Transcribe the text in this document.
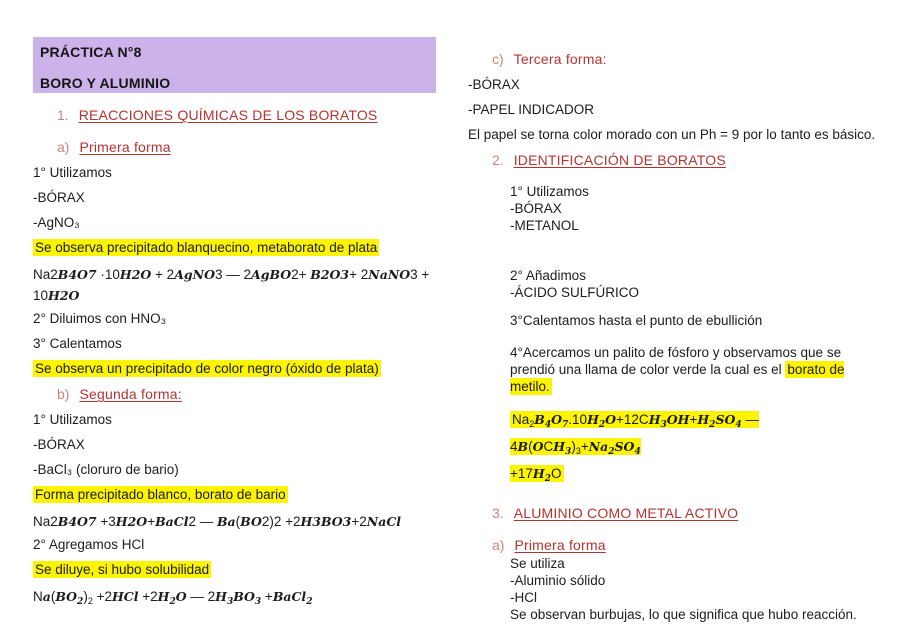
PRÁCTICA N°8
BORO Y ALUMINIO
1. REACCIONES QUÍMICAS DE LOS BORATOS
a) Primera forma
1° Utilizamos
-BÓRAX
-AgNO₃
Se observa precipitado blanquecino, metaborato de plata
Na2B4O7 ·10H2O + 2AgNO3 — 2AgBO2+ B2O3+ 2NaNO3 +
10H2O
2° Diluimos con HNO₃
3° Calentamos
Se observa un precipitado de color negro (óxido de plata)
b) Segunda forma:
1° Utilizamos
-BÓRAX
-BaCl₃ (cloruro de bario)
Forma precipitado blanco, borato de bario
Na2B4O7 +3H2O+BaCl2 — Ba(BO2)2 +2H3BO3+2NaCl
2° Agregamos HCl
Se diluye, si hubo solubilidad
$Na(BO_2)_2 +2HCl +2H_2O$ — $2H_3BO_3$ +BaCl$_2$
c) Tercera forma:
-BÓRAX
-PAPEL INDICADOR
El papel se torna color morado con un Ph = 9 por lo tanto es básico.
2. IDENTIFICACIÓN DE BORATOS
1° Utilizamos
-BÓRAX
-METANOL
2° Añadimos
-ÁCIDO SULFÚRICO
3°Calentamos hasta el punto de ebullición
4°Acercamos un palito de fósforo y observamos que se prendió una llama de color verde la cual es el borato de metilo.
$Na_2B_4O_7.10H_2O+12CH_3OH+H_2SO_4$ — $4B(OCH_3)_3+Na_2SO_4$
$+17H_2O$
3. ALUMINIO COMO METAL ACTIVO
a) Primera forma
Se utiliza
-Aluminio sólido
-HCl
Se observan burbujas, lo que significa que hubo reacción.
